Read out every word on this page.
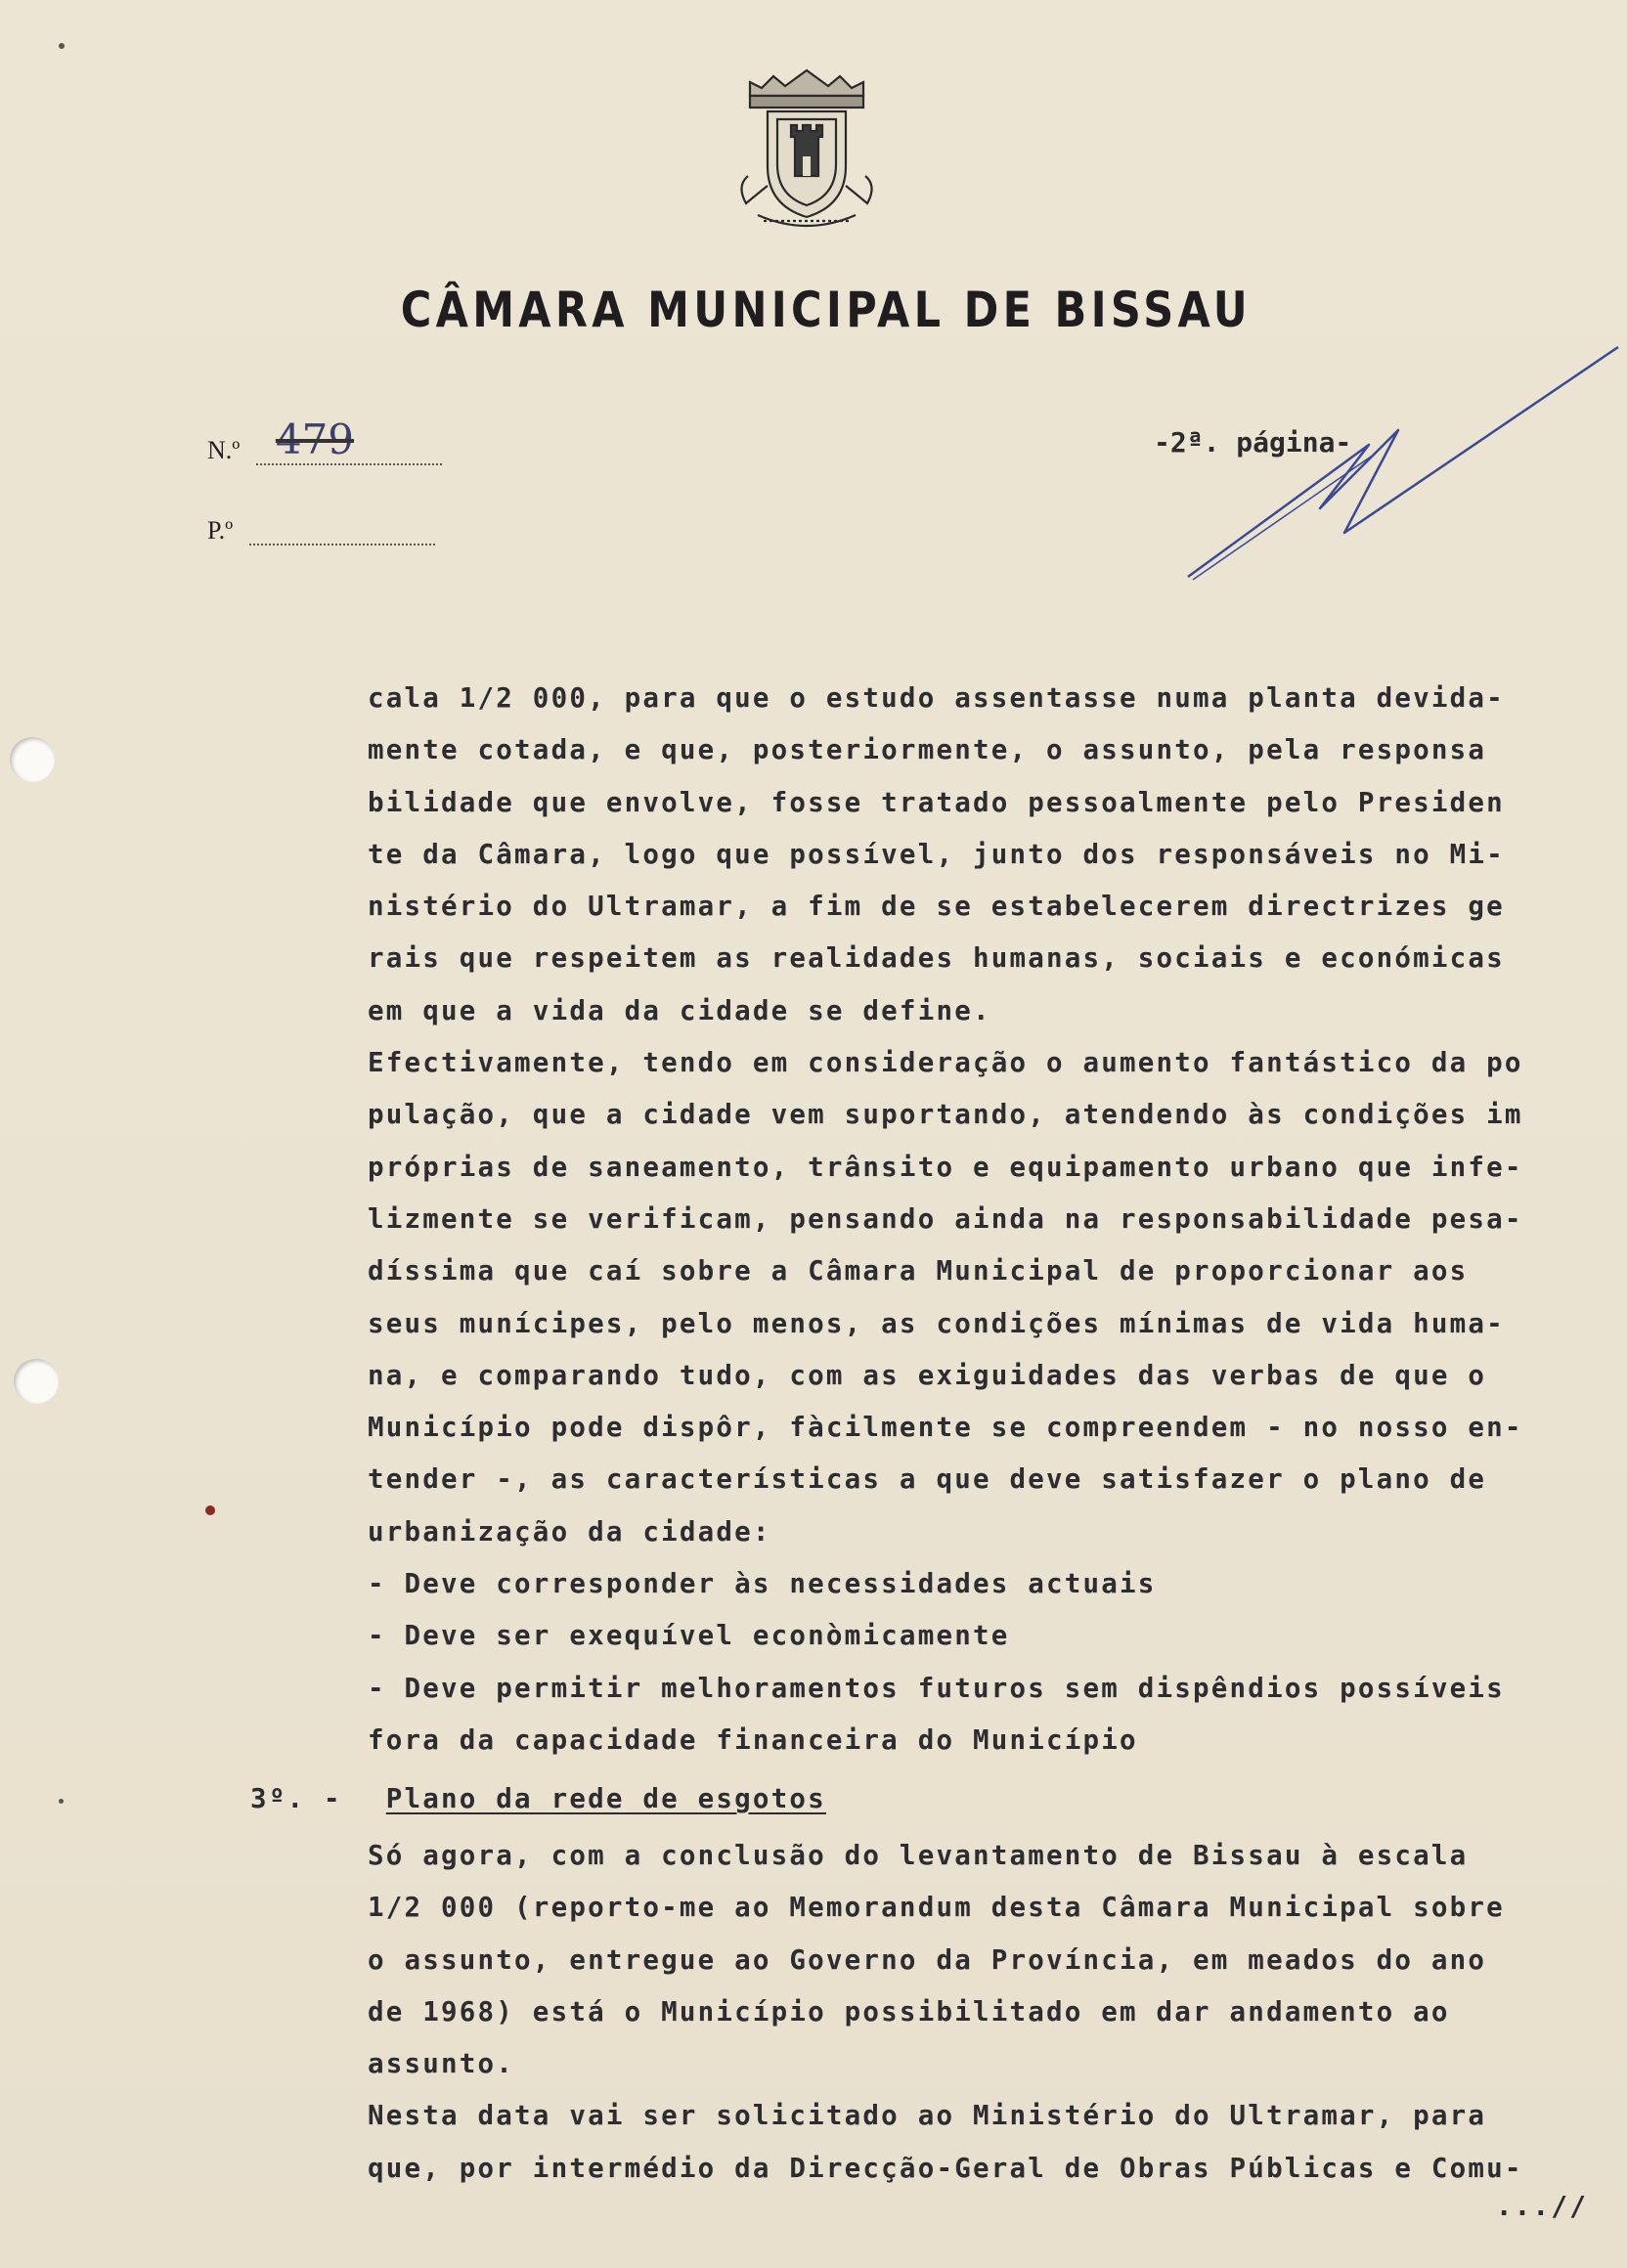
CÂMARA MUNICIPAL DE BISSAU
N.º 479
P.º
-2ª. página-
cala 1/2 000, para que o estudo assentasse numa planta devida-
mente cotada, e que, posteriormente, o assunto, pela responsa
bilidade que envolve, fosse tratado pessoalmente pelo Presiden
te da Câmara, logo que possível, junto dos responsáveis no Mi-
nistério do Ultramar, a fim de se estabelecerem directrizes ge
rais que respeitem as realidades humanas, sociais e económicas
em que a vida da cidade se define.
Efectivamente, tendo em consideração o aumento fantástico da po
pulação, que a cidade vem suportando, atendendo às condições im
próprias de saneamento, trânsito e equipamento urbano que infe-
lizmente se verificam, pensando ainda na responsabilidade pesa-
díssima que caí sobre a Câmara Municipal de proporcionar aos
seus munícipes, pelo menos, as condições mínimas de vida huma-
na, e comparando tudo, com as exiguidades das verbas de que o
Município pode dispôr, fàcilmente se compreendem - no nosso en-
tender -, as características a que deve satisfazer o plano de
urbanização da cidade:
- Deve corresponder às necessidades actuais
- Deve ser exequível econòmicamente
- Deve permitir melhoramentos futuros sem dispêndios possíveis
fora da capacidade financeira do Município
3º. - Plano da rede de esgotos
Só agora, com a conclusão do levantamento de Bissau à escala
1/2 000 (reporto-me ao Memorandum desta Câmara Municipal sobre
o assunto, entregue ao Governo da Província, em meados do ano
de 1968) está o Município possibilitado em dar andamento ao
assunto.
Nesta data vai ser solicitado ao Ministério do Ultramar, para
que, por intermédio da Direcção-Geral de Obras Públicas e Comu-
...//
